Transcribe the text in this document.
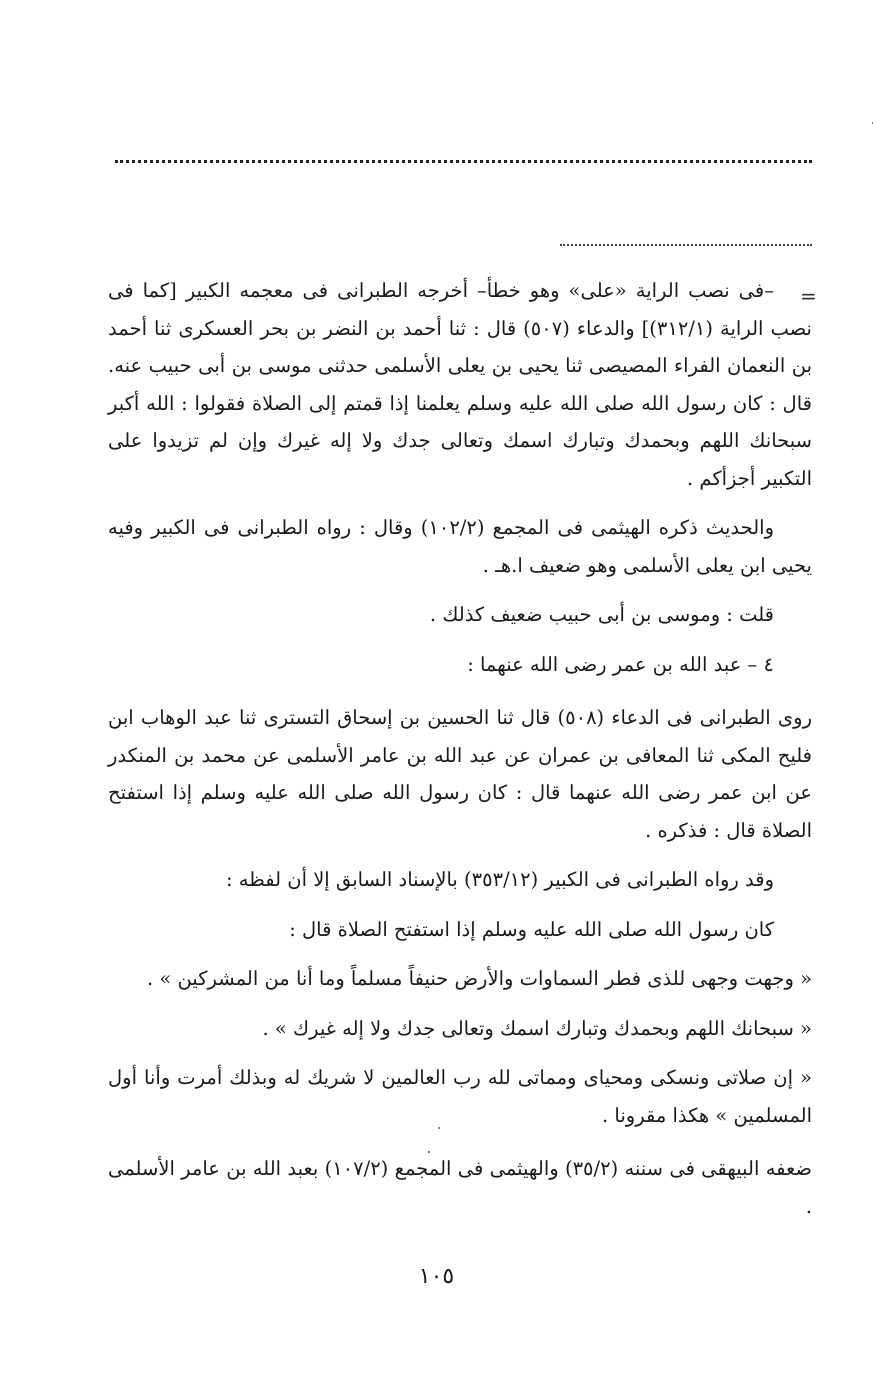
=

–فى نصب الراية «على» وهو خطأ– أخرجه الطبرانى فى معجمه الكبير [كما فى نصب الراية (٣١٢/١)] والدعاء (٥٠٧) قال : ثنا أحمد بن النضر بن بحر العسكرى ثنا أحمد بن النعمان الفراء المصيصى ثنا يحيى بن يعلى الأسلمى حدثنى موسى بن أبى حبيب عنه. قال : كان رسول الله صلى الله عليه وسلم يعلمنا إذا قمتم إلى الصلاة فقولوا : الله أكبر سبحانك اللهم وبحمدك وتبارك اسمك وتعالى جدك ولا إله غيرك وإن لم تزيدوا على التكبير أجزأكم .

والحديث ذكره الهيثمى فى المجمع (١٠٢/٢) وقال : رواه الطبرانى فى الكبير وفيه يحيى ابن يعلى الأسلمى وهو ضعيف ا.هـ .

قلت : وموسى بن أبى حبيب ضعيف كذلك .

٤ – عبد الله بن عمر رضى الله عنهما :

روى الطبرانى فى الدعاء (٥٠٨) قال ثنا الحسين بن إسحاق التسترى ثنا عبد الوهاب ابن فليح المكى ثنا المعافى بن عمران عن عبد الله بن عامر الأسلمى عن محمد بن المنكدر عن ابن عمر رضى الله عنهما قال : كان رسول الله صلى الله عليه وسلم إذا استفتح الصلاة قال : فذكره .

وقد رواه الطبرانى فى الكبير (٣٥٣/١٢) بالإسناد السابق إلا أن لفظه :

كان رسول الله صلى الله عليه وسلم إذا استفتح الصلاة قال :

« وجهت وجهى للذى فطر السماوات والأرض حنيفاً مسلماً وما أنا من المشركين » .

« سبحانك اللهم وبحمدك وتبارك اسمك وتعالى جدك ولا إله غيرك » .

« إن صلاتى ونسكى ومحياى ومماتى لله رب العالمين لا شريك له وبذلك أمرت وأنا أول المسلمين » هكذا مقرونا .

ضعفه البيهقى فى سننه (٣٥/٢) والهيثمى فى المجمع (١٠٧/٢) بعبد الله بن عامر الأسلمى .

١٠٥
